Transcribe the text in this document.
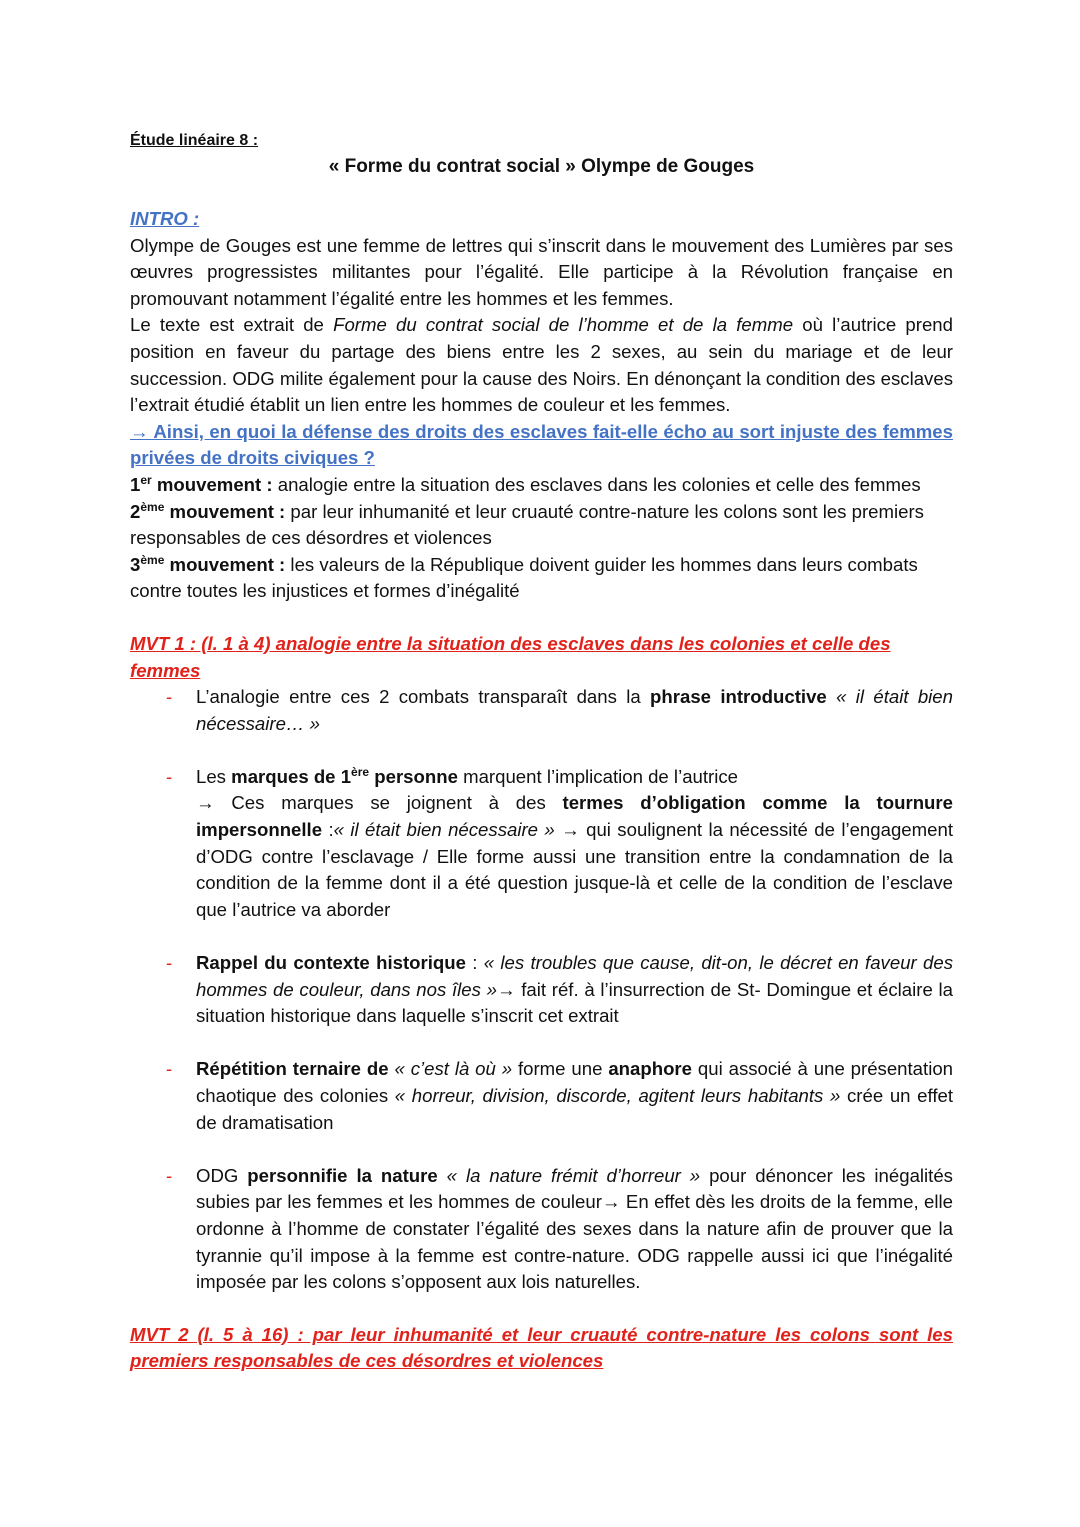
Étude linéaire 8 :
« Forme du contrat social » Olympe de Gouges
INTRO :

Olympe de Gouges est une femme de lettres qui s’inscrit dans le mouvement des Lumières par ses œuvres progressistes militantes pour l’égalité. Elle participe à la Révolution française en promouvant notamment l’égalité entre les hommes et les femmes.

Le texte est extrait de Forme du contrat social de l’homme et de la femme où l’autrice prend position en faveur du partage des biens entre les 2 sexes, au sein du mariage et de leur succession. ODG milite également pour la cause des Noirs. En dénonçant la condition des esclaves l’extrait étudié établit un lien entre les hommes de couleur et les femmes.

→ Ainsi, en quoi la défense des droits des esclaves fait-elle écho au sort injuste des femmes privées de droits civiques ?

1er mouvement : analogie entre la situation des esclaves dans les colonies et celle des femmes

2ème mouvement : par leur inhumanité et leur cruauté contre-nature les colons sont les premiers responsables de ces désordres et violences

3ème mouvement : les valeurs de la République doivent guider les hommes dans leurs combats contre toutes les injustices et formes d’inégalité

MVT 1 : (l. 1 à 4) analogie entre la situation des esclaves dans les colonies et celle des femmes
- L’analogie entre ces 2 combats transparaît dans la phrase introductive « il était bien nécessaire… »
- Les marques de 1ère personne marquent l’implication de l’autrice
→ Ces marques se joignent à des termes d’obligation comme la tournure impersonnelle :« il était bien nécessaire » → qui soulignent la nécessité de l’engagement d’ODG contre l’esclavage / Elle forme aussi une transition entre la condamnation de la condition de la femme dont il a été question jusque-là et celle de la condition de l’esclave que l’autrice va aborder
- Rappel du contexte historique : « les troubles que cause, dit-on, le décret en faveur des hommes de couleur, dans nos îles »→ fait réf. à l’insurrection de St- Domingue et éclaire la situation historique dans laquelle s’inscrit cet extrait
- Répétition ternaire de « c’est là où » forme une anaphore qui associé à une présentation chaotique des colonies « horreur, division, discorde, agitent leurs habitants » crée un effet de dramatisation
- ODG personnifie la nature « la nature frémit d’horreur » pour dénoncer les inégalités subies par les femmes et les hommes de couleur→ En effet dès les droits de la femme, elle ordonne à l’homme de constater l’égalité des sexes dans la nature afin de prouver que la tyrannie qu’il impose à la femme est contre-nature. ODG rappelle aussi ici que l’inégalité imposée par les colons s’opposent aux lois naturelles.
MVT 2 (l. 5 à 16) : par leur inhumanité et leur cruauté contre-nature les colons sont les premiers responsables de ces désordres et violences
